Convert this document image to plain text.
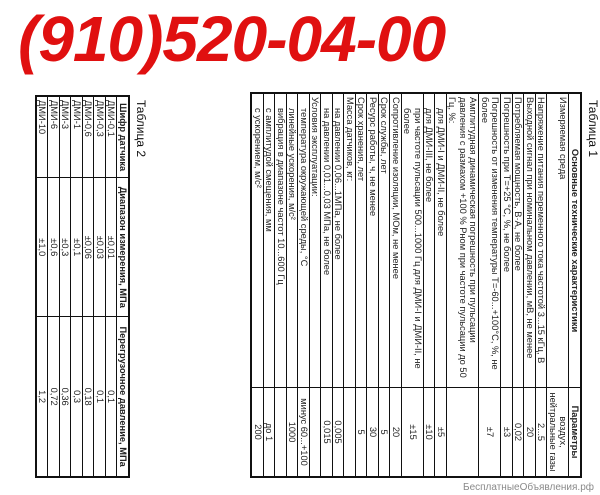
Таблица 1
Основные технические характеристики	Параметры
Измеряемая среда	воздух, нейтральные газы
Напряжение питания переменного тока частотой 3...15 кГц, В	2...5
Выходной сигнал при номинальном давлении, мВ, не менее	20
Потребляемая мощность, В·А, не более	0,02
Погрешность при Т=+25 °С, %, не более	±3
Погрешность от изменения температуры Т=-60...+100°С, %, не более	±7
Амплитудная динамическая погрешность при пульсации давления с размахом +100 % Pном при частоте пульсации до 50 Гц, %:	
для ДМИ-I и ДМИ-II, не более	±5
для ДМИ-III, не более	±10
при частоте пульсации 500...1000 Гц для ДМИ-I и ДМИ-II, не более	±15
Сопротивление изоляции, МОм, не менее	20
Срок службы, лет	5
Ресурс работы, ч, не менее	30
Срок хранения, лет	5
Масса датчиков, кг:	
на давлении 0,06...1МПа, не более	0,005
на давлении 0,01...0,03 МПа, не более	0,015
Условия эксплуатации:	
температура окружающей среды, °С	минус 60...+100
линейные ускорения, м/с²	1000
вибрация в диапазоне частот 10...600 Гц	
с амплитудой смещения, мм	до 1
с ускорением, м/с²	200
Таблица 2
Шифр датчика	Диапазон измерения, МПа	Перегрузочное давление, МПа
ДМИ-0,1	±0,01	0,1
ДМИ-0,3	±0,03	0,1
ДМИ-0,6	±0,06	0,18
ДМИ-1	±0,1	0,3
ДМИ-3	±0,3	0,36
ДМИ-6	±0,6	0,72
ДМИ-10	±1,0	1,2
(910)520-04-00
БесплатныеОбъявления.рф
